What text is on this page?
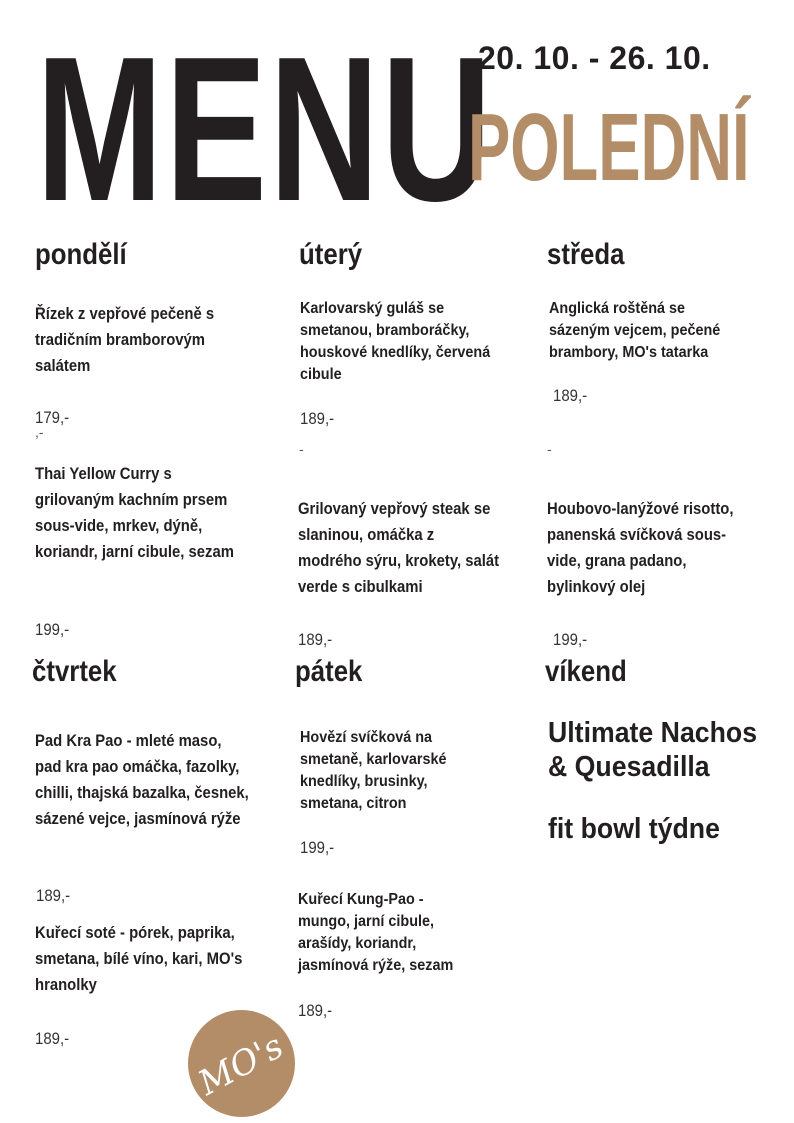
MENU
20. 10. - 26. 10.
POLEDNÍ
pondělí
Řízek z vepřové pečeně s tradičním bramborovým salátem
179,-
,-
Thai Yellow Curry s grilovaným kachním prsem sous-vide, mrkev, dýně, koriandr, jarní cibule, sezam
199,-
úterý
Karlovarský guláš se smetanou, bramboráčky, houskové knedlíky, červená cibule
189,-
-
Grilovaný vepřový steak se slaninou, omáčka z modrého sýru, krokety, salát verde s cibulkami
189,-
středa
Anglická roštěná se sázeným vejcem, pečené brambory, MO's tatarka
189,-
-
Houbovo-lanýžové risotto, panenská svíčková sous-vide, grana padano, bylinkový olej
199,-
čtvrtek
Pad Kra Pao - mleté maso, pad kra pao omáčka, fazolky, chilli, thajská bazalka, česnek, sázené vejce, jasmínová rýže
189,-
Kuřecí soté - pórek, paprika, smetana, bílé víno, kari, MO's hranolky
189,-
pátek
Hovězí svíčková na smetaně, karlovarské knedlíky, brusinky, smetana, citron
199,-
Kuřecí Kung-Pao - mungo, jarní cibule, arašídy, koriandr, jasmínová rýže, sezam
189,-
víkend
Ultimate Nachos & Quesadilla
fit bowl týdne
MO's
